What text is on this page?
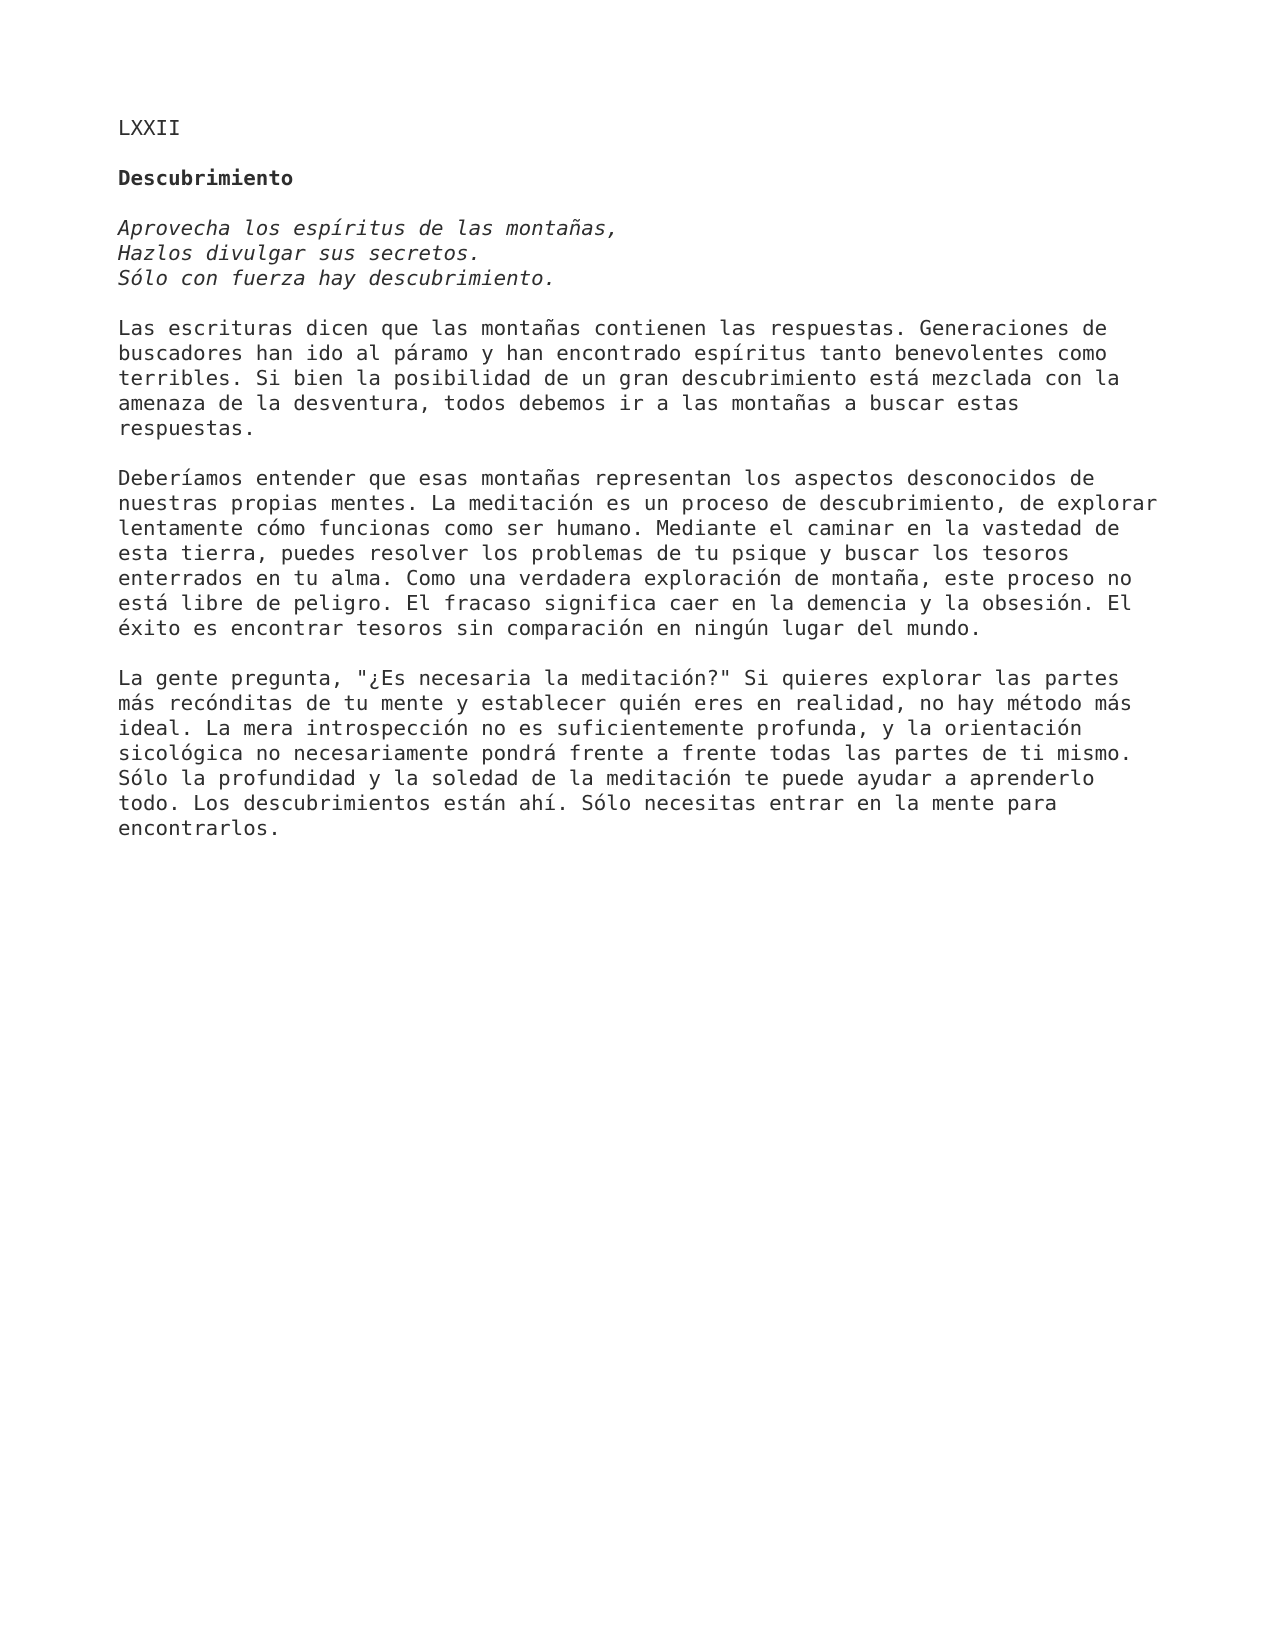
LXXII
Descubrimiento
Aprovecha los espíritus de las montañas,
Hazlos divulgar sus secretos.
Sólo con fuerza hay descubrimiento.
Las escrituras dicen que las montañas contienen las respuestas. Generaciones de
buscadores han ido al páramo y han encontrado espíritus tanto benevolentes como
terribles. Si bien la posibilidad de un gran descubrimiento está mezclada con la
amenaza de la desventura, todos debemos ir a las montañas a buscar estas
respuestas.
Deberíamos entender que esas montañas representan los aspectos desconocidos de
nuestras propias mentes. La meditación es un proceso de descubrimiento, de explorar
lentamente cómo funcionas como ser humano. Mediante el caminar en la vastedad de
esta tierra, puedes resolver los problemas de tu psique y buscar los tesoros
enterrados en tu alma. Como una verdadera exploración de montaña, este proceso no
está libre de peligro. El fracaso significa caer en la demencia y la obsesión. El
éxito es encontrar tesoros sin comparación en ningún lugar del mundo.
La gente pregunta, "¿Es necesaria la meditación?" Si quieres explorar las partes
más recónditas de tu mente y establecer quién eres en realidad, no hay método más
ideal. La mera introspección no es suficientemente profunda, y la orientación
sicológica no necesariamente pondrá frente a frente todas las partes de ti mismo.
Sólo la profundidad y la soledad de la meditación te puede ayudar a aprenderlo
todo. Los descubrimientos están ahí. Sólo necesitas entrar en la mente para
encontrarlos.
